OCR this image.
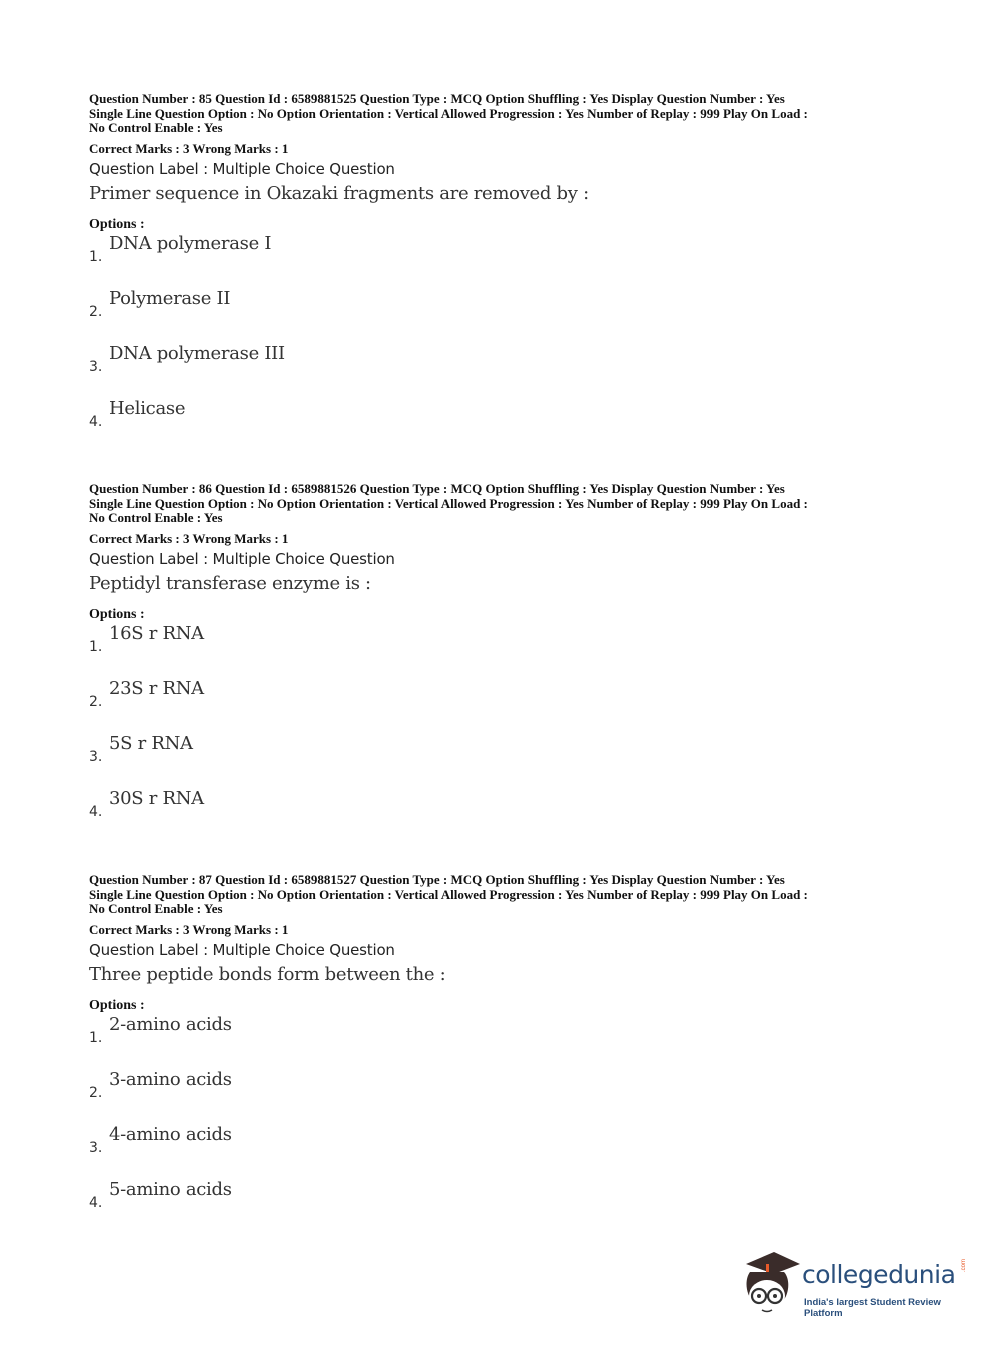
Question Number : 85 Question Id : 6589881525 Question Type : MCQ Option Shuffling : Yes Display Question Number : Yes
Single Line Question Option : No Option Orientation : Vertical Allowed Progression : Yes Number of Replay : 999 Play On Load :
No Control Enable : Yes
Correct Marks : 3 Wrong Marks : 1
Question Label : Multiple Choice Question
Primer sequence in Okazaki fragments are removed by :
Options :
1.
DNA polymerase I
2.
Polymerase II
3.
DNA polymerase III
4.
Helicase
Question Number : 86 Question Id : 6589881526 Question Type : MCQ Option Shuffling : Yes Display Question Number : Yes
Single Line Question Option : No Option Orientation : Vertical Allowed Progression : Yes Number of Replay : 999 Play On Load :
No Control Enable : Yes
Correct Marks : 3 Wrong Marks : 1
Question Label : Multiple Choice Question
Peptidyl transferase enzyme is :
Options :
1.
16S r RNA
2.
23S r RNA
3.
5S r RNA
4.
30S r RNA
Question Number : 87 Question Id : 6589881527 Question Type : MCQ Option Shuffling : Yes Display Question Number : Yes
Single Line Question Option : No Option Orientation : Vertical Allowed Progression : Yes Number of Replay : 999 Play On Load :
No Control Enable : Yes
Correct Marks : 3 Wrong Marks : 1
Question Label : Multiple Choice Question
Three peptide bonds form between the :
Options :
1.
2-amino acids
2.
3-amino acids
3.
4-amino acids
4.
5-amino acids
collegedunia .com
India's largest Student Review Platform
